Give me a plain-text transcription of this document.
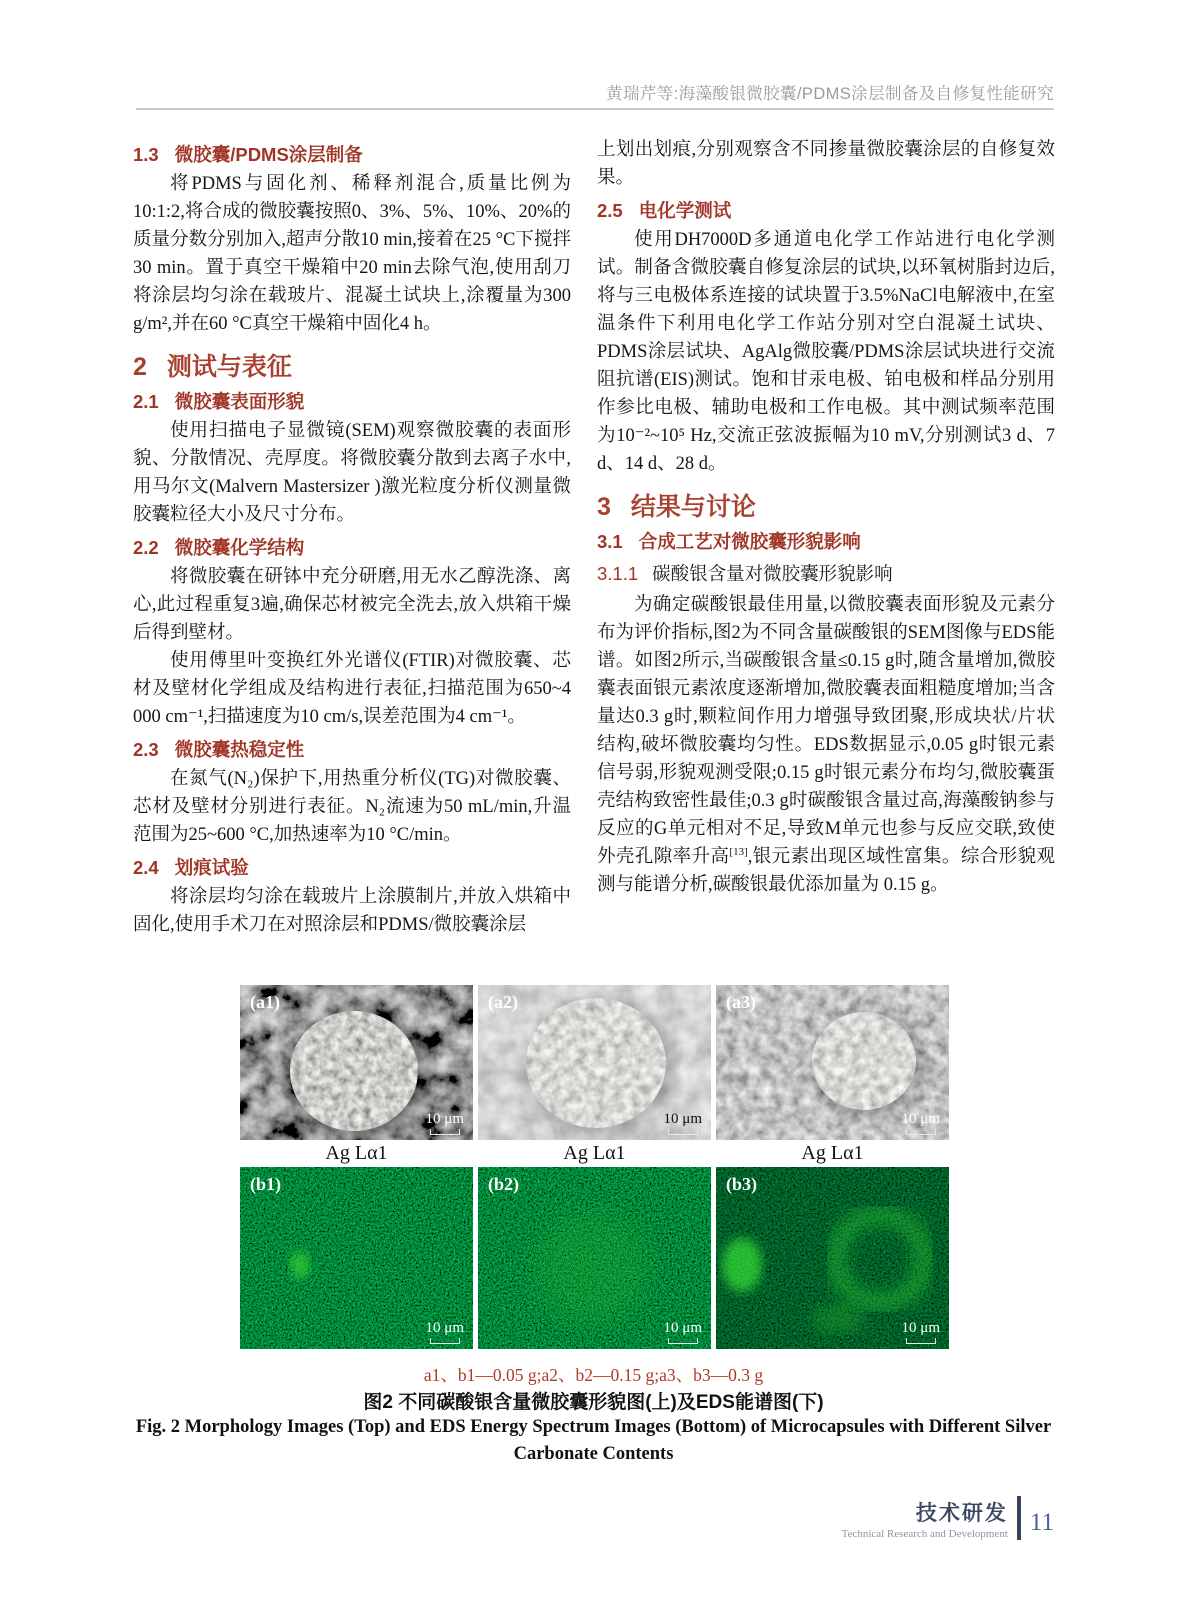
黄瑞芹等:海藻酸银微胶囊/PDMS涂层制备及自修复性能研究
1.3 微胶囊/PDMS涂层制备

将PDMS与固化剂、稀释剂混合,质量比例为10:1:2,将合成的微胶囊按照0、3%、5%、10%、20%的质量分数分别加入,超声分散10 min,接着在25 °C下搅拌30 min。置于真空干燥箱中20 min去除气泡,使用刮刀将涂层均匀涂在载玻片、混凝土试块上,涂覆量为300 g/m²,并在60 °C真空干燥箱中固化4 h。

2 测试与表征
2.1 微胶囊表面形貌

使用扫描电子显微镜(SEM)观察微胶囊的表面形貌、分散情况、壳厚度。将微胶囊分散到去离子水中,用马尔文(Malvern Mastersizer )激光粒度分析仪测量微胶囊粒径大小及尺寸分布。

2.2 微胶囊化学结构

将微胶囊在研钵中充分研磨,用无水乙醇洗涤、离心,此过程重复3遍,确保芯材被完全洗去,放入烘箱干燥后得到壁材。

使用傅里叶变换红外光谱仪(FTIR)对微胶囊、芯材及壁材化学组成及结构进行表征,扫描范围为650~4 000 cm⁻¹,扫描速度为10 cm/s,误差范围为4 cm⁻¹。

2.3 微胶囊热稳定性

在氮气(N₂)保护下,用热重分析仪(TG)对微胶囊、芯材及壁材分别进行表征。N₂流速为50 mL/min,升温范围为25~600 °C,加热速率为10 °C/min。

2.4 划痕试验

将涂层均匀涂在载玻片上涂膜制片,并放入烘箱中固化,使用手术刀在对照涂层和PDMS/微胶囊涂层

上划出划痕,分别观察含不同掺量微胶囊涂层的自修复效果。

2.5 电化学测试

使用DH7000D多通道电化学工作站进行电化学测试。制备含微胶囊自修复涂层的试块,以环氧树脂封边后,将与三电极体系连接的试块置于3.5%NaCl电解液中,在室温条件下利用电化学工作站分别对空白混凝土试块、PDMS涂层试块、AgAlg微胶囊/PDMS涂层试块进行交流阻抗谱(EIS)测试。饱和甘汞电极、铂电极和样品分别用作参比电极、辅助电极和工作电极。其中测试频率范围为10⁻²~10⁵ Hz,交流正弦波振幅为10 mV,分别测试3 d、7 d、14 d、28 d。

3 结果与讨论
3.1 合成工艺对微胶囊形貌影响
3.1.1 碳酸银含量对微胶囊形貌影响

为确定碳酸银最佳用量,以微胶囊表面形貌及元素分布为评价指标,图2为不同含量碳酸银的SEM图像与EDS能谱。如图2所示,当碳酸银含量≤0.15 g时,随含量增加,微胶囊表面银元素浓度逐渐增加,微胶囊表面粗糙度增加;当含量达0.3 g时,颗粒间作用力增强导致团聚,形成块状/片状结构,破坏微胶囊均匀性。EDS数据显示,0.05 g时银元素信号弱,形貌观测受限;0.15 g时银元素分布均匀,微胶囊蛋壳结构致密性最佳;0.3 g时碳酸银含量过高,海藻酸钠参与反应的G单元相对不足,导致M单元也参与反应交联,致使外壳孔隙率升高[13],银元素出现区域性富集。综合形貌观测与能谱分析,碳酸银最优添加量为 0.15 g。

(a1)
10 μm
(a2)
10 μm
(a3)
10 μm
Ag Lα1	Ag Lα1	Ag Lα1
(b1)
10 μm
(b2)
10 μm
(b3)
10 μm
a1、b1—0.05 g;a2、b2—0.15 g;a3、b3—0.3 g
图2 不同碳酸银含量微胶囊形貌图(上)及EDS能谱图(下)
Fig. 2 Morphology Images (Top) and EDS Energy Spectrum Images (Bottom) of Microcapsules with Different Silver
Carbonate Contents
技术研发
Technical Research and Development 11
